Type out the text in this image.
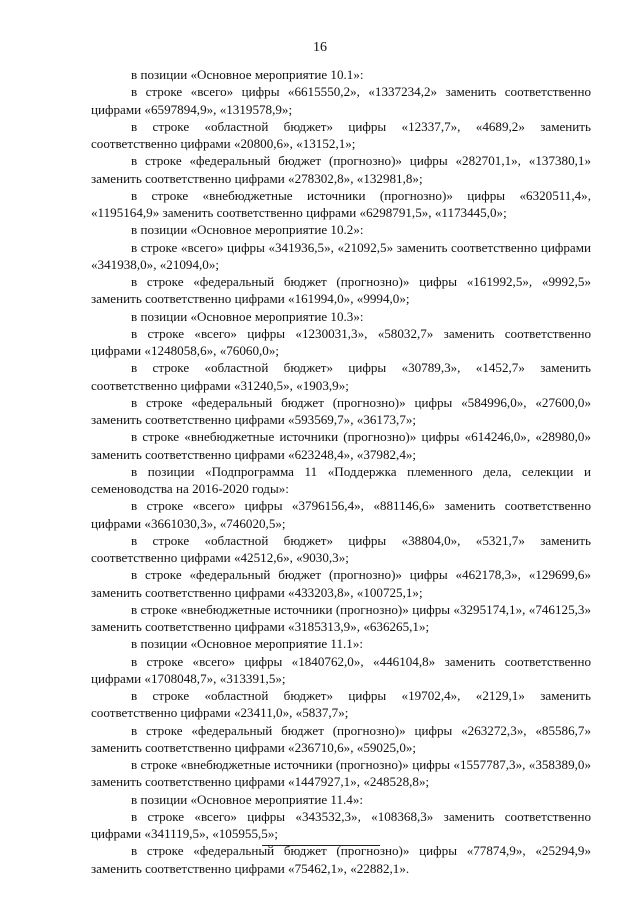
16

в позиции «Основное мероприятие 10.1»:

в строке «всего» цифры «6615550,2», «1337234,2» заменить соответственно цифрами «6597894,9», «1319578,9»;

в строке «областной бюджет» цифры «12337,7», «4689,2» заменить соответственно цифрами «20800,6», «13152,1»;

в строке «федеральный бюджет (прогнозно)» цифры «282701,1», «137380,1» заменить соответственно цифрами «278302,8», «132981,8»;

в строке «внебюджетные источники (прогнозно)» цифры «6320511,4», «1195164,9» заменить соответственно цифрами «6298791,5», «1173445,0»;

в позиции «Основное мероприятие 10.2»:

в строке «всего» цифры «341936,5», «21092,5» заменить соответственно цифрами «341938,0», «21094,0»;

в строке «федеральный бюджет (прогнозно)» цифры «161992,5», «9992,5» заменить соответственно цифрами «161994,0», «9994,0»;

в позиции «Основное мероприятие 10.3»:

в строке «всего» цифры «1230031,3», «58032,7» заменить соответственно цифрами «1248058,6», «76060,0»;

в строке «областной бюджет» цифры «30789,3», «1452,7» заменить соответственно цифрами «31240,5», «1903,9»;

в строке «федеральный бюджет (прогнозно)» цифры «584996,0», «27600,0» заменить соответственно цифрами «593569,7», «36173,7»;

в строке «внебюджетные источники (прогнозно)» цифры «614246,0», «28980,0» заменить соответственно цифрами «623248,4», «37982,4»;

в позиции «Подпрограмма 11 «Поддержка племенного дела, селекции и семеноводства на 2016-2020 годы»:

в строке «всего» цифры «3796156,4», «881146,6» заменить соответственно цифрами «3661030,3», «746020,5»;

в строке «областной бюджет» цифры «38804,0», «5321,7» заменить соответственно цифрами «42512,6», «9030,3»;

в строке «федеральный бюджет (прогнозно)» цифры «462178,3», «129699,6» заменить соответственно цифрами «433203,8», «100725,1»;

в строке «внебюджетные источники (прогнозно)» цифры «3295174,1», «746125,3» заменить соответственно цифрами «3185313,9», «636265,1»;

в позиции «Основное мероприятие 11.1»:

в строке «всего» цифры «1840762,0», «446104,8» заменить соответственно цифрами «1708048,7», «313391,5»;

в строке «областной бюджет» цифры «19702,4», «2129,1» заменить соответственно цифрами «23411,0», «5837,7»;

в строке «федеральный бюджет (прогнозно)» цифры «263272,3», «85586,7» заменить соответственно цифрами «236710,6», «59025,0»;

в строке «внебюджетные источники (прогнозно)» цифры «1557787,3», «358389,0» заменить соответственно цифрами «1447927,1», «248528,8»;

в позиции «Основное мероприятие 11.4»:

в строке «всего» цифры «343532,3», «108368,3» заменить соответственно цифрами «341119,5», «105955,5»;

в строке «федеральный бюджет (прогнозно)» цифры «77874,9», «25294,9» заменить соответственно цифрами «75462,1», «22882,1».
